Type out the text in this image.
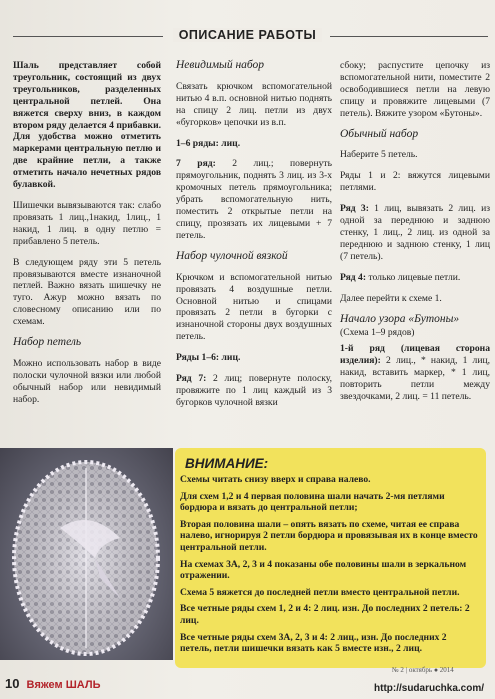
ОПИСАНИЕ РАБОТЫ

Шаль представляет собой треугольник, состоящий из двух треугольников, разделенных центральной петлей. Она вяжется сверху вниз, в каждом втором ряду делается 4 прибавки. Для удобства можно отметить маркерами центральную петлю и две крайние петли, а также отметить начало нечетных рядов булавкой.

Шишечки вывязываются так: слабо провязать 1 лиц.,1накид, 1лиц., 1 накид, 1 лиц. в одну петлю = прибавлено 5 петель.

В следующем ряду эти 5 петель провязываются вместе изнаночной петлей. Важно вязать шишечку не туго. Ажур можно вязать по словесному описанию или по схемам.

Набор петель

Можно использовать набор в виде полоски чулочной вязки или любой обычный набор или невидимый набор.

Невидимый набор

Связать крючком вспомогательной нитью 4 в.п. основной нитью поднять на спицу 2 лиц. петли из двух «бугорков» цепочки из в.п.

1–6 ряды: лиц.

7 ряд: 2 лиц.; повернуть прямоугольник, поднять 3 лиц. из 3-х кромочных петель прямоугольника; убрать вспомогательную нить, поместить 2 открытые петли на спицу, прозязать их лицевыми + 7 петель.

Набор чулочной вязкой

Крючком и вспомогательной нитью провязать 4 воздушные петли. Основной нитью и спицами провязать 2 петли в бугорки с изнаночной стороны двух воздушных петель.

Ряды 1–6: лиц.

Ряд 7: 2 лиц; повернуте полоску, провяжите по 1 лиц каждый из 3 бугорков чулочной вязки

сбоку; распустите цепочку из вспомогательной нити, поместите 2 освободившиеся петли на левую спицу и провяжите лицевыми (7 петель). Вяжите узором «Бутоны».

Обычный набор

Наберите 5 петель.

Ряды 1 и 2: вяжутся лицевыми петлями.

Ряд 3: 1 лиц, вывязать 2 лиц. из одной за переднюю и заднюю стенку, 1 лиц., 2 лиц. из одной за переднюю и заднюю стенку, 1 лиц (7 петель).

Ряд 4: только лицевые петли.

Далее перейти к схеме 1.

Начало узора «Бутоны»

(Схема 1–9 рядов)

1-й ряд (лицевая сторона изделия): 2 лиц., * накид, 1 лиц, накид, вставить маркер, * 1 лиц, повторить петли между звездочками, 2 лиц. = 11 петель.

ВНИМАНИЕ:

Схемы читать снизу вверх и справа налево.

Для схем 1,2 и 4 первая половина шали начать 2-мя петлями бордюра и вязать до центральной петли;

Вторая половина шали – опять вязать по схеме, читая ее справа налево, игнорируя 2 петли бордюра и провязывая их в конце вместо центральной петли.

На схемах 3А, 2, 3 и 4 показаны обе половины шали в зеркальном отражении.

Схема 5 вяжется до последней петли вместо центральной петли.

Все четные ряды схем 1, 2 и 4: 2 лиц. изн. До последних 2 петель: 2 лиц.

Все четные ряды схем 3А, 2, 3 и 4: 2 лиц., изн. До последних 2 петель, петли шишечки вязать как 5 вместе изн., 2 лиц.

№ 2 | октябрь ● 2014
10 Вяжем ШАЛЬ	http://sudaruchka.com/
